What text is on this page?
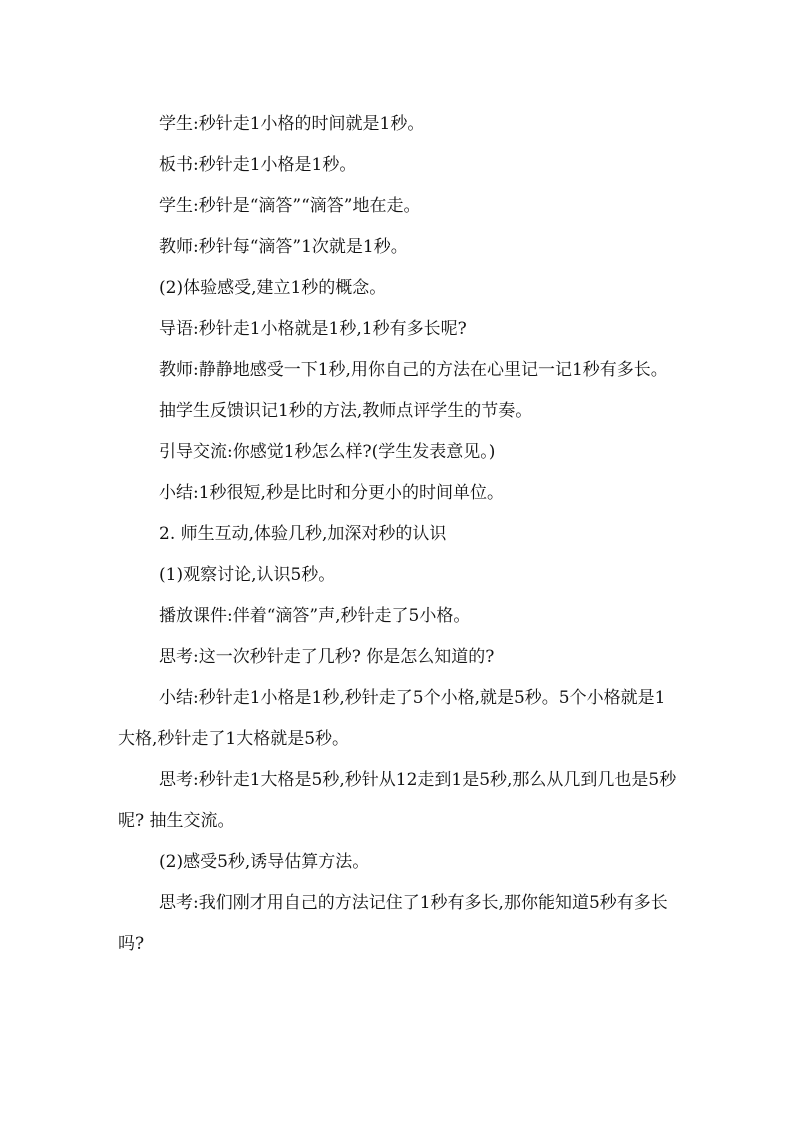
学生:秒针走1小格的时间就是1秒。

板书:秒针走1小格是1秒。

学生:秒针是“滴答”“滴答”地在走。

教师:秒针每“滴答”1次就是1秒。

(2)体验感受,建立1秒的概念。

导语:秒针走1小格就是1秒,1秒有多长呢?

教师:静静地感受一下1秒,用你自己的方法在心里记一记1秒有多长。

抽学生反馈识记1秒的方法,教师点评学生的节奏。

引导交流:你感觉1秒怎么样?(学生发表意见。)

小结:1秒很短,秒是比时和分更小的时间单位。

2. 师生互动,体验几秒,加深对秒的认识

(1)观察讨论,认识5秒。

播放课件:伴着“滴答”声,秒针走了5小格。

思考:这一次秒针走了几秒? 你是怎么知道的?

小结:秒针走1小格是1秒,秒针走了5个小格,就是5秒。5个小格就是1大格,秒针走了1大格就是5秒。

思考:秒针走1大格是5秒,秒针从12走到1是5秒,那么从几到几也是5秒呢? 抽生交流。

(2)感受5秒,诱导估算方法。

思考:我们刚才用自己的方法记住了1秒有多长,那你能知道5秒有多长吗?
